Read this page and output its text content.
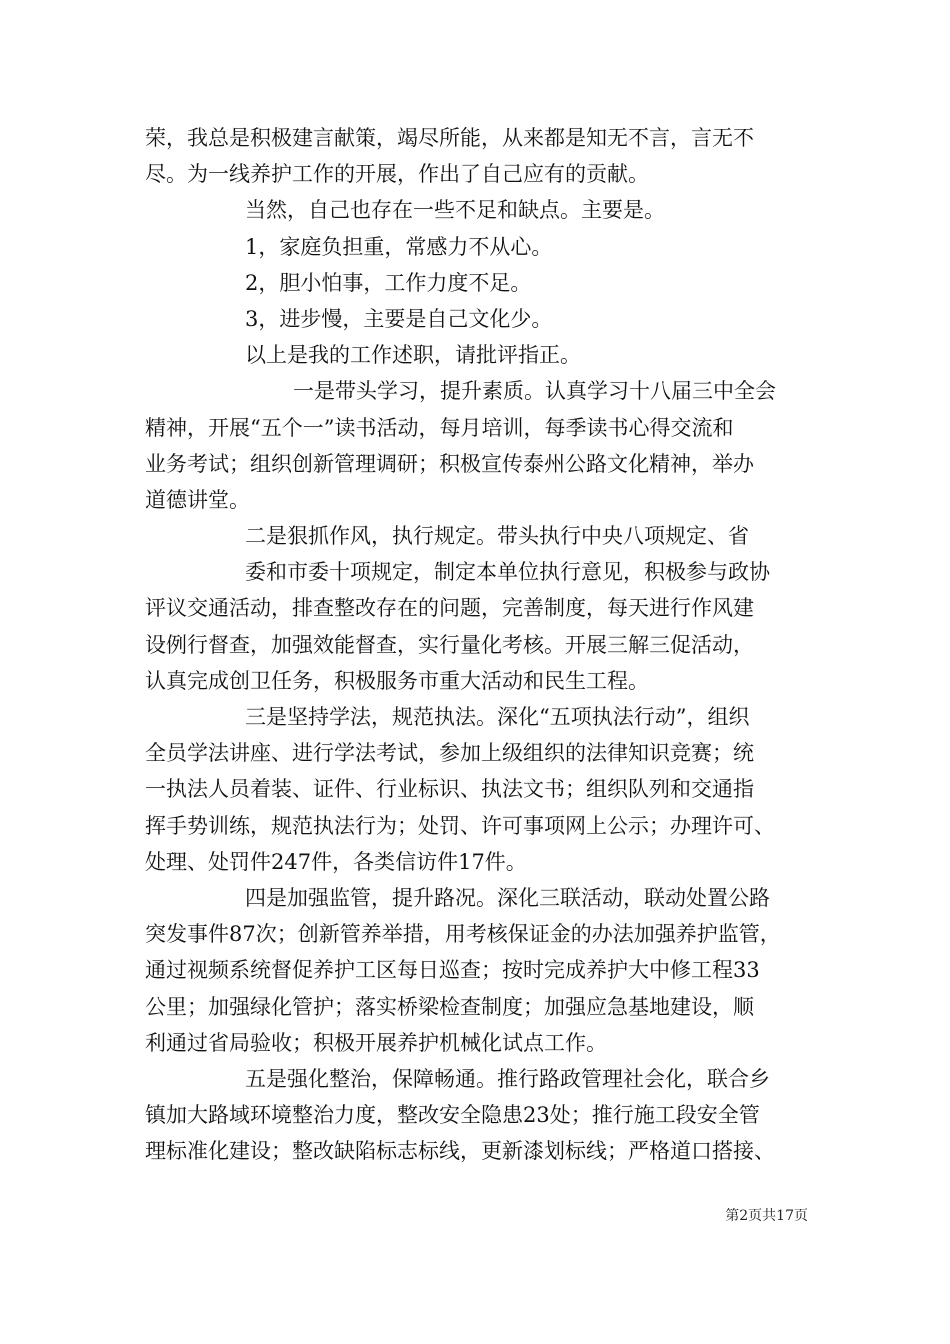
荣，我总是积极建言献策，竭尽所能，从来都是知无不言，言无不
尽。为一线养护工作的开展，作出了自己应有的贡献。
当然，自己也存在一些不足和缺点。主要是。
1，家庭负担重，常感力不从心。
2，胆小怕事，工作力度不足。
3，进步慢，主要是自己文化少。
以上是我的工作述职，请批评指正。
一是带头学习，提升素质。认真学习十八届三中全会
精神，开展“五个一”读书活动，每月培训，每季读书心得交流和
业务考试；组织创新管理调研；积极宣传泰州公路文化精神，举办
道德讲堂。
二是狠抓作风，执行规定。带头执行中央八项规定、省
委和市委十项规定，制定本单位执行意见，积极参与政协
评议交通活动，排查整改存在的问题，完善制度，每天进行作风建
设例行督查，加强效能督查，实行量化考核。开展三解三促活动，
认真完成创卫任务，积极服务市重大活动和民生工程。
三是坚持学法，规范执法。深化“五项执法行动”，组织
全员学法讲座、进行学法考试，参加上级组织的法律知识竞赛；统
一执法人员着装、证件、行业标识、执法文书；组织队列和交通指
挥手势训练，规范执法行为；处罚、许可事项网上公示；办理许可、
处理、处罚件247件，各类信访件17件。
四是加强监管，提升路况。深化三联活动，联动处置公路
突发事件87次；创新管养举措，用考核保证金的办法加强养护监管，
通过视频系统督促养护工区每日巡查；按时完成养护大中修工程33
公里；加强绿化管护；落实桥梁检查制度；加强应急基地建设，顺
利通过省局验收；积极开展养护机械化试点工作。
五是强化整治，保障畅通。推行路政管理社会化，联合乡
镇加大路域环境整治力度，整改安全隐患23处；推行施工段安全管
理标准化建设；整改缺陷标志标线，更新漆划标线；严格道口搭接、
第2页共17页
